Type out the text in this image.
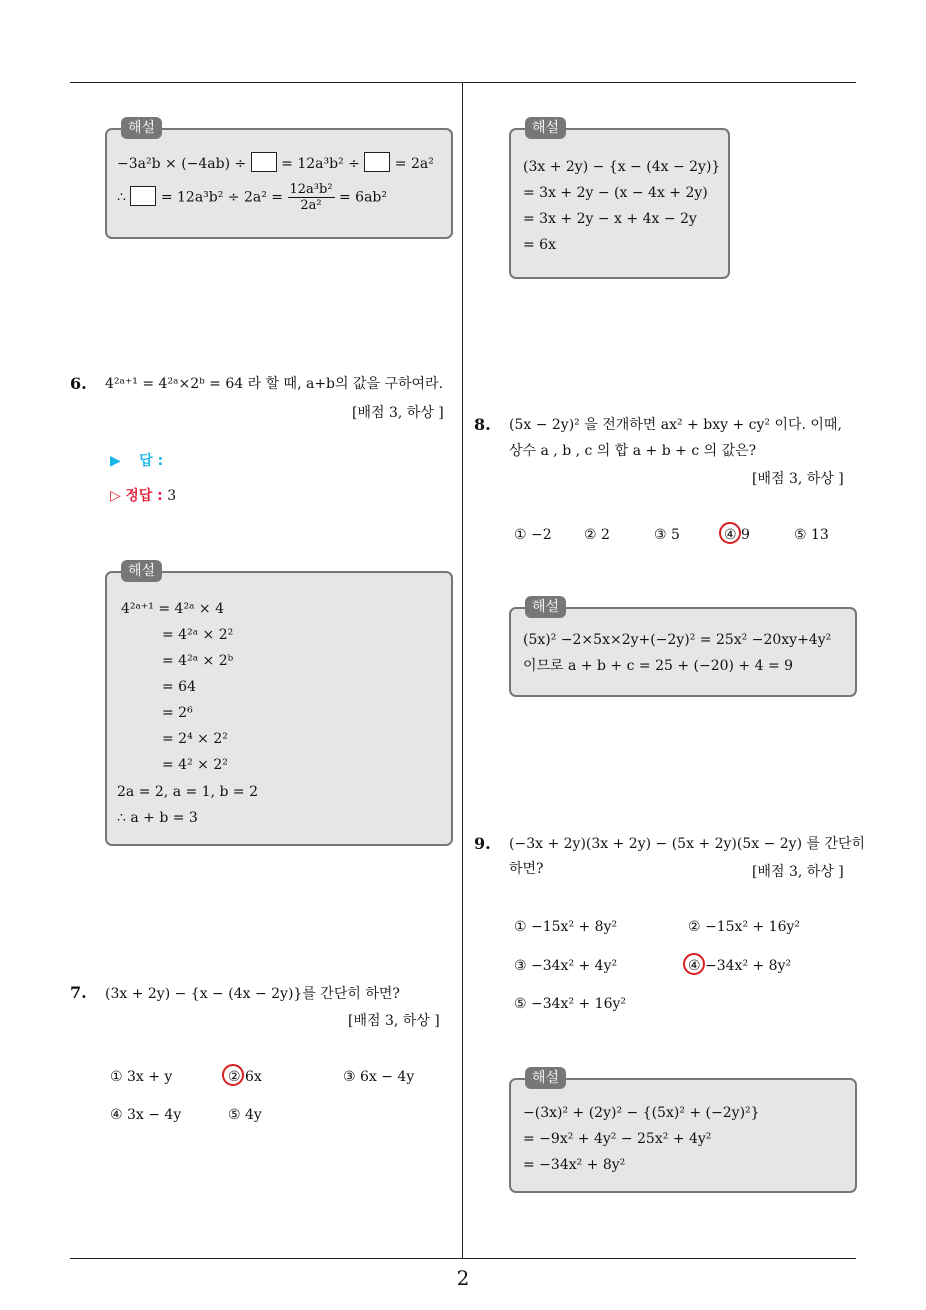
해설
−3a²b × (−4ab) ÷ = 12a³b² ÷ = 2a²
∴ = $12a^3b^2 \div 2a^2 = \frac{\text{12a³b²}}{\text{2a²}} = 6ab^2$
6. 4²ᵃ⁺¹ = 4²ᵃ×2ᵇ = 64 라 할 때, a+b의 값을 구하여라.
[배점 3, 하상 ]
▶ 답 :
▷ 정답 : 3
해설
4²ᵃ⁺¹ = 4²ᵃ × 4
= 4²ᵃ × 2²
= 4²ᵃ × 2ᵇ
= 64
= 2⁶
= 2⁴ × 2²
= 4² × 2²
2a = 2, a = 1, b = 2
∴ a + b = 3
7. (3x + 2y) − {x − (4x − 2y)}를 간단히 하면?
[배점 3, 하상 ]
① 3x + y	② 6x	③ 6x − 4y
④ 3x − 4y	⑤ 4y
해설
(3x + 2y) − {x − (4x − 2y)}
= 3x + 2y − (x − 4x + 2y)
= 3x + 2y − x + 4x − 2y
= 6x
8. (5x − 2y)² 을 전개하면 ax² + bxy + cy² 이다. 이때,
상수 a , b , c 의 합 a + b + c 의 값은?
[배점 3, 하상 ]
① −2 ② 2	③ 5	④ 9	⑤ 13
해설
(5x)² −2×5x×2y+(−2y)² = 25x² −20xy+4y²
이므로 a + b + c = 25 + (−20) + 4 = 9
9. (−3x + 2y)(3x + 2y) − (5x + 2y)(5x − 2y) 를 간단히
하면?	[배점 3, 하상 ]
① −15x² + 8y²	② −15x² + 16y²
③ −34x² + 4y²	④ −34x² + 8y²
⑤ −34x² + 16y²
해설
−(3x)² + (2y)² − {(5x)² + (−2y)²}
= −9x² + 4y² − 25x² + 4y²
= −34x² + 8y²
2
